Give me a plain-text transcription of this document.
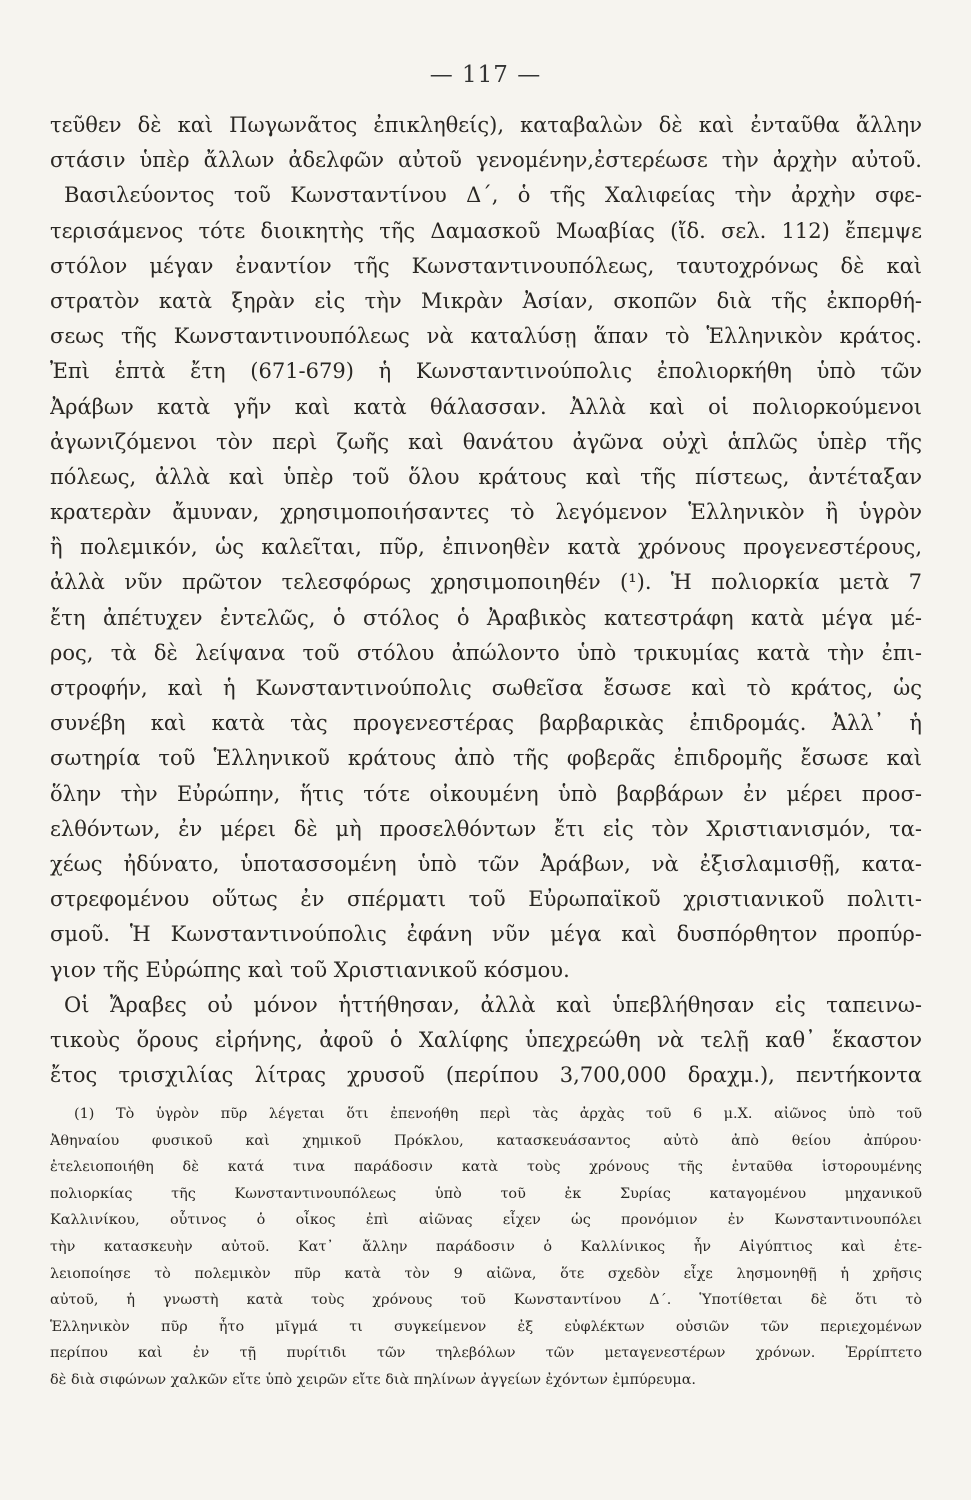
— 117 —
τεῦθεν δὲ καὶ Πωγωνᾶτος ἐπικληθείς), καταβαλὼν δὲ καὶ ἐνταῦθα ἄλλην
στάσιν ὑπὲρ ἄλλων ἀδελφῶν αὐτοῦ γενομένην,ἐστερέωσε τὴν ἀρχὴν αὐτοῦ.
Βασιλεύοντος τοῦ Κωνσταντίνου Δ΄, ὁ τῆς Χαλιφείας τὴν ἀρχὴν σφε-
τερισάμενος τότε διοικητὴς τῆς Δαμασκοῦ Μωαβίας (ἴδ. σελ. 112) ἔπεμψε
στόλον μέγαν ἐναντίον τῆς Κωνσταντινουπόλεως, ταυτοχρόνως δὲ καὶ
στρατὸν κατὰ ξηρὰν εἰς τὴν Μικρὰν Ἀσίαν, σκοπῶν διὰ τῆς ἐκπορθή-
σεως τῆς Κωνσταντινουπόλεως νὰ καταλύσῃ ἅπαν τὸ Ἑλληνικὸν κράτος.
Ἐπὶ ἑπτὰ ἔτη (671-679) ἡ Κωνσταντινούπολις ἐπολιορκήθη ὑπὸ τῶν
Ἀράβων κατὰ γῆν καὶ κατὰ θάλασσαν. Ἀλλὰ καὶ οἱ πολιορκούμενοι
ἀγωνιζόμενοι τὸν περὶ ζωῆς καὶ θανάτου ἀγῶνα οὐχὶ ἁπλῶς ὑπὲρ τῆς
πόλεως, ἀλλὰ καὶ ὑπὲρ τοῦ ὅλου κράτους καὶ τῆς πίστεως, ἀντέταξαν
κρατερὰν ἄμυναν, χρησιμοποιήσαντες τὸ λεγόμενον Ἑλληνικὸν ἢ ὑγρὸν
ἢ πολεμικόν, ὡς καλεῖται, πῦρ, ἐπινοηθὲν κατὰ χρόνους προγενεστέρους,
ἀλλὰ νῦν πρῶτον τελεσφόρως χρησιμοποιηθέν (¹). Ἡ πολιορκία μετὰ 7
ἔτη ἀπέτυχεν ἐντελῶς, ὁ στόλος ὁ Ἀραβικὸς κατεστράφη κατὰ μέγα μέ-
ρος, τὰ δὲ λείψανα τοῦ στόλου ἀπώλοντο ὑπὸ τρικυμίας κατὰ τὴν ἐπι-
στροφήν, καὶ ἡ Κωνσταντινούπολις σωθεῖσα ἔσωσε καὶ τὸ κράτος, ὡς
συνέβη καὶ κατὰ τὰς προγενεστέρας βαρβαρικὰς ἐπιδρομάς. Ἀλλ᾽ ἡ
σωτηρία τοῦ Ἑλληνικοῦ κράτους ἀπὸ τῆς φοβερᾶς ἐπιδρομῆς ἔσωσε καὶ
ὅλην τὴν Εὐρώπην, ἥτις τότε οἰκουμένη ὑπὸ βαρβάρων ἐν μέρει προσ-
ελθόντων, ἐν μέρει δὲ μὴ προσελθόντων ἔτι εἰς τὸν Χριστιανισμόν, τα-
χέως ἠδύνατο, ὑποτασσομένη ὑπὸ τῶν Ἀράβων, νὰ ἐξισλαμισθῇ, κατα-
στρεφομένου οὕτως ἐν σπέρματι τοῦ Εὐρωπαϊκοῦ χριστιανικοῦ πολιτι-
σμοῦ. Ἡ Κωνσταντινούπολις ἐφάνη νῦν μέγα καὶ δυσπόρθητον προπύρ-
γιον τῆς Εὐρώπης καὶ τοῦ Χριστιανικοῦ κόσμου.
Οἱ Ἄραβες οὐ μόνον ἡττήθησαν, ἀλλὰ καὶ ὑπεβλήθησαν εἰς ταπεινω-
τικοὺς ὅρους εἰρήνης, ἀφοῦ ὁ Χαλίφης ὑπεχρεώθη νὰ τελῇ καθ᾽ ἕκαστον
ἔτος τρισχιλίας λίτρας χρυσοῦ (περίπου 3,700,000 δραχμ.), πεντήκοντα
(1) Τὸ ὑγρὸν πῦρ λέγεται ὅτι ἐπενοήθη περὶ τὰς ἀρχὰς τοῦ 6 μ.Χ. αἰῶνος ὑπὸ τοῦ
Ἀθηναίου φυσικοῦ καὶ χημικοῦ Πρόκλου, κατασκευάσαντος αὐτὸ ἀπὸ θείου ἀπύρου·
ἐτελειοποιήθη δὲ κατά τινα παράδοσιν κατὰ τοὺς χρόνους τῆς ἐνταῦθα ἱστορουμένης
πολιορκίας τῆς Κωνσταντινουπόλεως ὑπὸ τοῦ ἐκ Συρίας καταγομένου μηχανικοῦ
Καλλινίκου, οὗτινος ὁ οἶκος ἐπὶ αἰῶνας εἶχεν ὡς προνόμιον ἐν Κωνσταντινουπόλει
τὴν κατασκευὴν αὐτοῦ. Κατ᾽ ἄλλην παράδοσιν ὁ Καλλίνικος ἦν Αἰγύπτιος καὶ ἐτε-
λειοποίησε τὸ πολεμικὸν πῦρ κατὰ τὸν 9 αἰῶνα, ὅτε σχεδὸν εἶχε λησμονηθῇ ἡ χρῆσις
αὐτοῦ, ἡ γνωστὴ κατὰ τοὺς χρόνους τοῦ Κωνσταντίνου Δ΄. Ὑποτίθεται δὲ ὅτι τὸ
Ἑλληνικὸν πῦρ ἦτο μῖγμά τι συγκείμενον ἐξ εὐφλέκτων οὐσιῶν τῶν περιεχομένων
περίπου καὶ ἐν τῇ πυρίτιδι τῶν τηλεβόλων τῶν μεταγενεστέρων χρόνων. Ἐρρίπτετο
δὲ διὰ σιφώνων χαλκῶν εἴτε ὑπὸ χειρῶν εἴτε διὰ πηλίνων ἀγγείων ἐχόντων ἐμπύρευμα.
